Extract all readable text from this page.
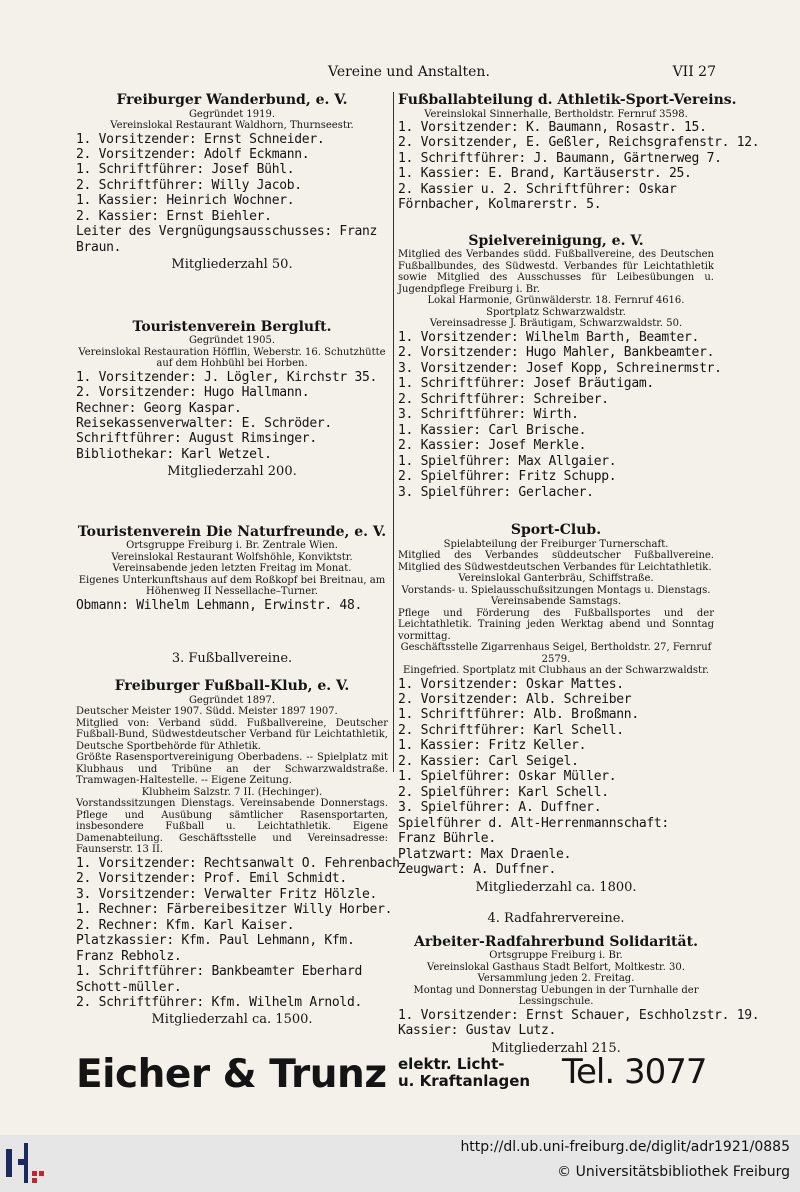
Vereine und Anstalten.	VII 27
Freiburger Wanderbund, e. V.
Gegründet 1919.
Vereinslokal Restaurant Waldhorn, Thurnseestr.
1. Vorsitzender: Ernst Schneider.
2. Vorsitzender: Adolf Eckmann.
1. Schriftführer: Josef Bühl.
2. Schriftführer: Willy Jacob.
1. Kassier: Heinrich Wochner.
2. Kassier: Ernst Biehler.
Leiter des Vergnügungsausschusses: Franz Braun.
Mitgliederzahl 50.
Touristenverein Bergluft.
Gegründet 1905.
Vereinslokal Restauration Höfflin, Weberstr. 16. Schutzhütte auf dem Hohbühl bei Horben.
1. Vorsitzender: J. Lögler, Kirchstr 35.
2. Vorsitzender: Hugo Hallmann.
Rechner: Georg Kaspar.
Reisekassenverwalter: E. Schröder.
Schriftführer: August Rimsinger.
Bibliothekar: Karl Wetzel.
Mitgliederzahl 200.
Touristenverein Die Naturfreunde, e. V.
Ortsgruppe Freiburg i. Br. Zentrale Wien.
Vereinslokal Restaurant Wolfshöhle, Konviktstr.
Vereinsabende jeden letzten Freitag im Monat.
Eigenes Unterkunftshaus auf dem Roßkopf bei Breitnau, am Höhenweg II Nessellache–Turner.
Obmann: Wilhelm Lehmann, Erwinstr. 48.
3. Fußballvereine.
Freiburger Fußball-Klub, e. V.
Gegründet 1897.
Deutscher Meister 1907. Südd. Meister 1897 1907.
Mitglied von: Verband südd. Fußballvereine, Deutscher Fußball-Bund, Südwestdeutscher Verband für Leichtathletik, Deutsche Sportbehörde für Athletik.
Größte Rasensportvereinigung Oberbadens. -- Spielplatz mit Klubhaus und Tribüne an der Schwarzwaldstraße. Tramwagen-Haltestelle. -- Eigene Zeitung.
Klubheim Salzstr. 7 II. (Hechinger).
Vorstandssitzungen Dienstags. Vereinsabende Donnerstags. Pflege und Ausübung sämtlicher Rasensportarten, insbesondere Fußball u. Leichtathletik. Eigene Damenabteilung. Geschäftsstelle und Vereinsadresse: Faunserstr. 13 II.
1. Vorsitzender: Rechtsanwalt O. Fehrenbach.
2. Vorsitzender: Prof. Emil Schmidt.
3. Vorsitzender: Verwalter Fritz Hölzle.
1. Rechner: Färbereibesitzer Willy Horber.
2. Rechner: Kfm. Karl Kaiser.
Platzkassier: Kfm. Paul Lehmann, Kfm. Franz Rebholz.
1. Schriftführer: Bankbeamter Eberhard Schott-müller.
2. Schriftführer: Kfm. Wilhelm Arnold.
Mitgliederzahl ca. 1500.
Fußballabteilung d. Athletik-Sport-Vereins.
Vereinslokal Sinnerhalle, Bertholdstr. Fernruf 3598.
1. Vorsitzender: K. Baumann, Rosastr. 15.
2. Vorsitzender, E. Geßler, Reichsgrafenstr. 12.
1. Schriftführer: J. Baumann, Gärtnerweg 7.
1. Kassier: E. Brand, Kartäuserstr. 25.
2. Kassier u. 2. Schriftführer: Oskar Förnbacher, Kolmarerstr. 5.
Spielvereinigung, e. V.
Mitglied des Verbandes südd. Fußballvereine, des Deutschen Fußballbundes, des Südwestd. Verbandes für Leichtathletik sowie Mitglied des Ausschusses für Leibesübungen u. Jugendpflege Freiburg i. Br.
Lokal Harmonie, Grünwälderstr. 18. Fernruf 4616.
Sportplatz Schwarzwaldstr.
Vereinsadresse J. Bräutigam, Schwarzwaldstr. 50.
1. Vorsitzender: Wilhelm Barth, Beamter.
2. Vorsitzender: Hugo Mahler, Bankbeamter.
3. Vorsitzender: Josef Kopp, Schreinermstr.
1. Schriftführer: Josef Bräutigam.
2. Schriftführer: Schreiber.
3. Schriftführer: Wirth.
1. Kassier: Carl Brische.
2. Kassier: Josef Merkle.
1. Spielführer: Max Allgaier.
2. Spielführer: Fritz Schupp.
3. Spielführer: Gerlacher.
Sport-Club.
Spielabteilung der Freiburger Turnerschaft.
Mitglied des Verbandes süddeutscher Fußballvereine. Mitglied des Südwestdeutschen Verbandes für Leichtathletik.
Vereinslokal Ganterbräu, Schiffstraße.
Vorstands- u. Spielausschußsitzungen Montags u. Dienstags. Vereinsabende Samstags.
Pflege und Förderung des Fußballsportes und der Leichtathletik. Training jeden Werktag abend und Sonntag vormittag.
Geschäftsstelle Zigarrenhaus Seigel, Bertholdstr. 27, Fernruf 2579.
Eingefried. Sportplatz mit Clubhaus an der Schwarzwaldstr.
1. Vorsitzender: Oskar Mattes.
2. Vorsitzender: Alb. Schreiber
1. Schriftführer: Alb. Broßmann.
2. Schriftführer: Karl Schell.
1. Kassier: Fritz Keller.
2. Kassier: Carl Seigel.
1. Spielführer: Oskar Müller.
2. Spielführer: Karl Schell.
3. Spielführer: A. Duffner.
Spielführer d. Alt-Herrenmannschaft: Franz Bührle.
Platzwart: Max Draenle.
Zeugwart: A. Duffner.
Mitgliederzahl ca. 1800.
4. Radfahrervereine.
Arbeiter-Radfahrerbund Solidarität.
Ortsgruppe Freiburg i. Br.
Vereinslokal Gasthaus Stadt Belfort, Moltkestr. 30.
Versammlung jeden 2. Freitag.
Montag und Donnerstag Uebungen in der Turnhalle der Lessingschule.
1. Vorsitzender: Ernst Schauer, Eschholzstr. 19.
Kassier: Gustav Lutz.
Mitgliederzahl 215.
Eicher & Trunz elektr. Licht-
u. Kraftanlagen Tel. 3077
http://dl.ub.uni-freiburg.de/diglit/adr1921/0885
© Universitätsbibliothek Freiburg
